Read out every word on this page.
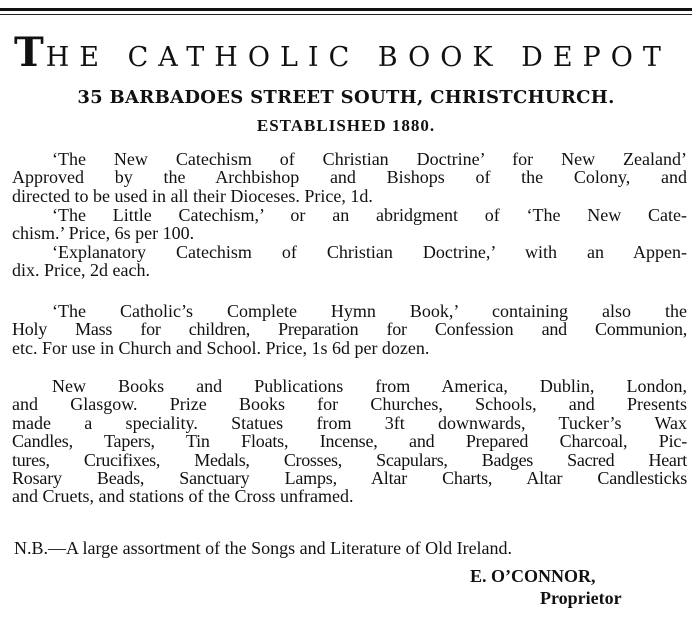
THE CATHOLIC BOOK DEPOT
35 BARBADOES STREET SOUTH, CHRISTCHURCH.
ESTABLISHED 1880.
‘The New Catechism of Christian Doctrine’ for New Zealand’
Approved by the Archbishop and Bishops of the Colony, and
directed to be used in all their Dioceses. Price, 1d.
‘The Little Catechism,’ or an abridgment of ‘The New Cate-
chism.’ Price, 6s per 100.
‘Explanatory Catechism of Christian Doctrine,’ with an Appen-
dix. Price, 2d each.
‘The Catholic’s Complete Hymn Book,’ containing also the
Holy Mass for children, Preparation for Confession and Communion,
etc. For use in Church and School. Price, 1s 6d per dozen.
New Books and Publications from America, Dublin, London,
and Glasgow. Prize Books for Churches, Schools, and Presents
made a speciality. Statues from 3ft downwards, Tucker’s Wax
Candles, Tapers, Tin Floats, Incense, and Prepared Charcoal, Pic-
tures, Crucifixes, Medals, Crosses, Scapulars, Badges Sacred Heart
Rosary Beads, Sanctuary Lamps, Altar Charts, Altar Candlesticks
and Cruets, and stations of the Cross unframed.
N.B.—A large assortment of the Songs and Literature of Old Ireland.
E. O’CONNOR,
Proprietor
